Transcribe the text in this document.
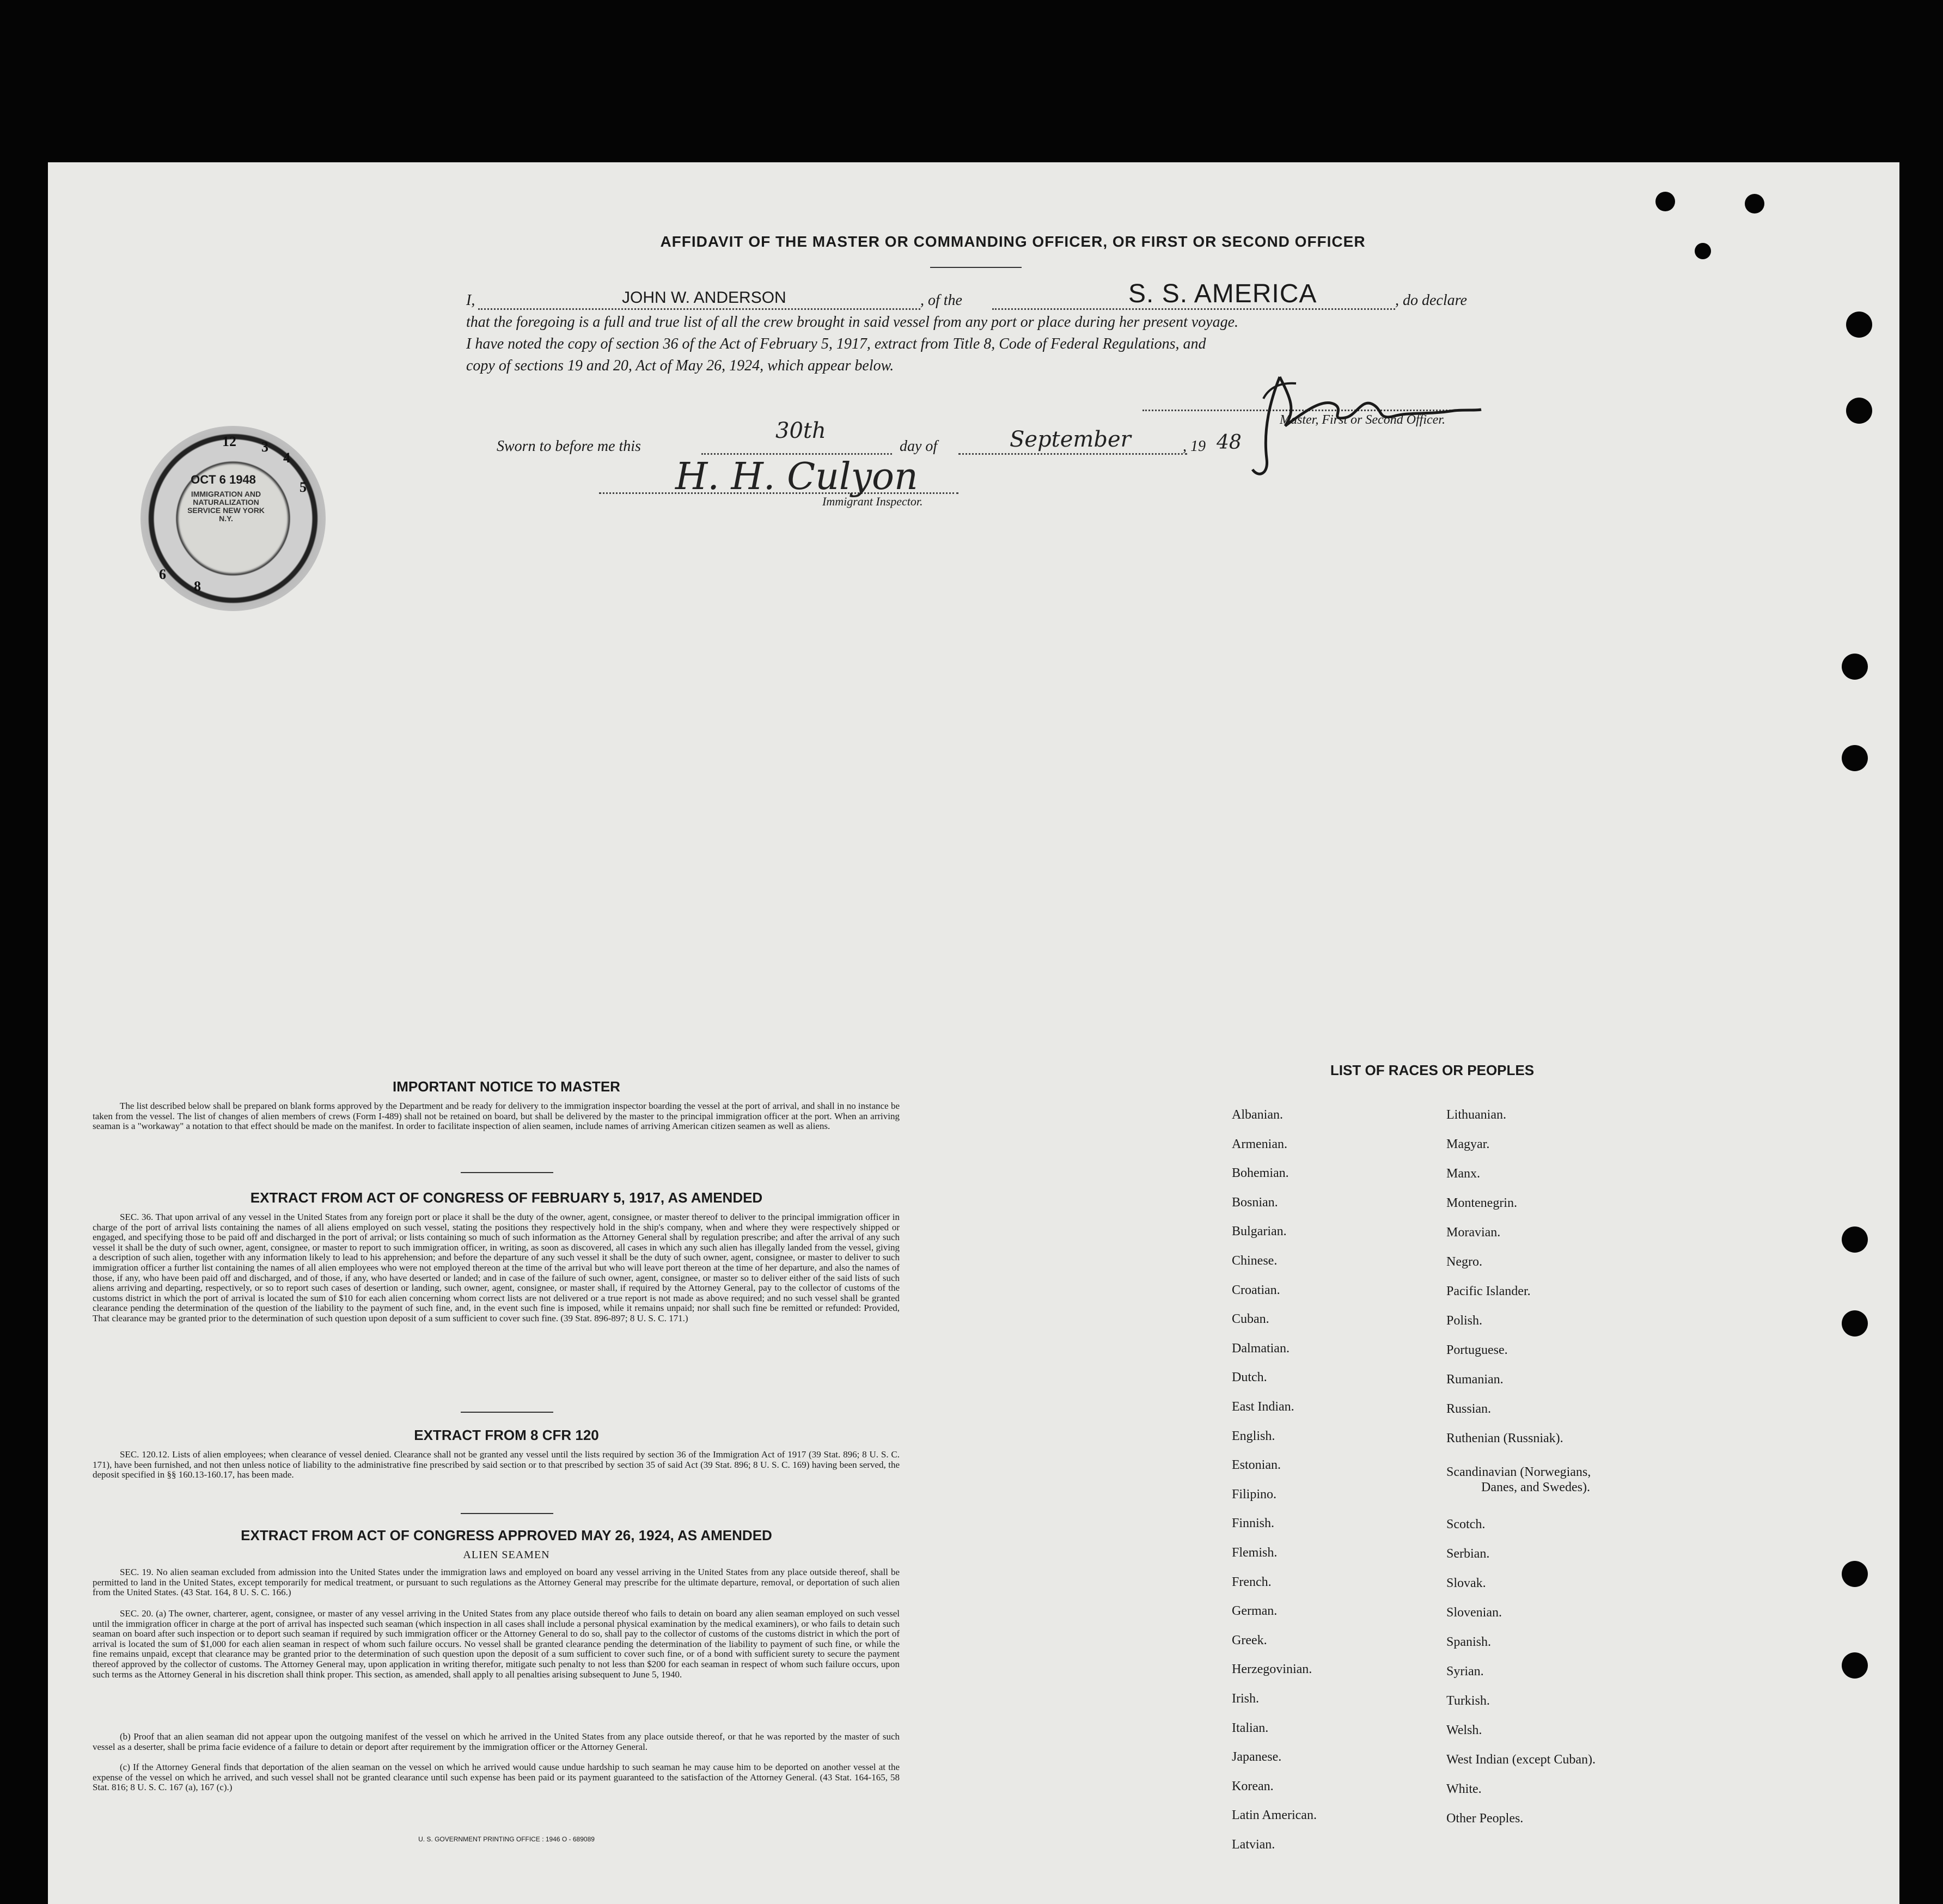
AFFIDAVIT OF THE MASTER OR COMMANDING OFFICER, OR FIRST OR SECOND OFFICER
I,	JOHN W. ANDERSON	, of the	S. S. AMERICA	, do declare
that the foregoing is a full and true list of all the crew brought in said vessel from any port or place during her present voyage.
I have noted the copy of section 36 of the Act of February 5, 1917, extract from Title 8, Code of Federal Regulations, and
copy of sections 19 and 20, Act of May 26, 1924, which appear below.
Master, First or Second Officer.
Sworn to before me this
30th
day of	September	, 19 48
H. H. Culyon
Immigrant Inspector.
12 3
4
5
8
6
OCT 6 1948
IMMIGRATION AND NATURALIZATION SERVICE NEW YORK N.Y.
IMPORTANT NOTICE TO MASTER

The list described below shall be prepared on blank forms approved by the Department and be ready for delivery to the immigration inspector boarding the vessel at the port of arrival, and shall in no instance be taken from the vessel. The list of changes of alien members of crews (Form I-489) shall not be retained on board, but shall be delivered by the master to the principal immigration officer at the port. When an arriving seaman is a "workaway" a notation to that effect should be made on the manifest. In order to facilitate inspection of alien seamen, include names of arriving American citizen seamen as well as aliens.

EXTRACT FROM ACT OF CONGRESS OF FEBRUARY 5, 1917, AS AMENDED

SEC. 36. That upon arrival of any vessel in the United States from any foreign port or place it shall be the duty of the owner, agent, consignee, or master thereof to deliver to the principal immigration officer in charge of the port of arrival lists containing the names of all aliens employed on such vessel, stating the positions they respectively hold in the ship's company, when and where they were respectively shipped or engaged, and specifying those to be paid off and discharged in the port of arrival; or lists containing so much of such information as the Attorney General shall by regulation prescribe; and after the arrival of any such vessel it shall be the duty of such owner, agent, consignee, or master to report to such immigration officer, in writing, as soon as discovered, all cases in which any such alien has illegally landed from the vessel, giving a description of such alien, together with any information likely to lead to his apprehension; and before the departure of any such vessel it shall be the duty of such owner, agent, consignee, or master to deliver to such immigration officer a further list containing the names of all alien employees who were not employed thereon at the time of the arrival but who will leave port thereon at the time of her departure, and also the names of those, if any, who have been paid off and discharged, and of those, if any, who have deserted or landed; and in case of the failure of such owner, agent, consignee, or master so to deliver either of the said lists of such aliens arriving and departing, respectively, or so to report such cases of desertion or landing, such owner, agent, consignee, or master shall, if required by the Attorney General, pay to the collector of customs of the customs district in which the port of arrival is located the sum of $10 for each alien concerning whom correct lists are not delivered or a true report is not made as above required; and no such vessel shall be granted clearance pending the determination of the question of the liability to the payment of such fine, and, in the event such fine is imposed, while it remains unpaid; nor shall such fine be remitted or refunded: Provided, That clearance may be granted prior to the determination of such question upon deposit of a sum sufficient to cover such fine. (39 Stat. 896-897; 8 U. S. C. 171.)

EXTRACT FROM 8 CFR 120

SEC. 120.12. Lists of alien employees; when clearance of vessel denied. Clearance shall not be granted any vessel until the lists required by section 36 of the Immigration Act of 1917 (39 Stat. 896; 8 U. S. C. 171), have been furnished, and not then unless notice of liability to the administrative fine prescribed by said section or to that prescribed by section 35 of said Act (39 Stat. 896; 8 U. S. C. 169) having been served, the deposit specified in §§ 160.13-160.17, has been made.

EXTRACT FROM ACT OF CONGRESS APPROVED MAY 26, 1924, AS AMENDED
ALIEN SEAMEN

SEC. 19. No alien seaman excluded from admission into the United States under the immigration laws and employed on board any vessel arriving in the United States from any place outside thereof, shall be permitted to land in the United States, except temporarily for medical treatment, or pursuant to such regulations as the Attorney General may prescribe for the ultimate departure, removal, or deportation of such alien from the United States. (43 Stat. 164, 8 U. S. C. 166.)

SEC. 20. (a) The owner, charterer, agent, consignee, or master of any vessel arriving in the United States from any place outside thereof who fails to detain on board any alien seaman employed on such vessel until the immigration officer in charge at the port of arrival has inspected such seaman (which inspection in all cases shall include a personal physical examination by the medical examiners), or who fails to detain such seaman on board after such inspection or to deport such seaman if required by such immigration officer or the Attorney General to do so, shall pay to the collector of customs of the customs district in which the port of arrival is located the sum of $1,000 for each alien seaman in respect of whom such failure occurs. No vessel shall be granted clearance pending the determination of the liability to payment of such fine, or while the fine remains unpaid, except that clearance may be granted prior to the determination of such question upon the deposit of a sum sufficient to cover such fine, or of a bond with sufficient surety to secure the payment thereof approved by the collector of customs. The Attorney General may, upon application in writing therefor, mitigate such penalty to not less than $200 for each seaman in respect of whom such failure occurs, upon such terms as the Attorney General in his discretion shall think proper. This section, as amended, shall apply to all penalties arising subsequent to June 5, 1940.

(b) Proof that an alien seaman did not appear upon the outgoing manifest of the vessel on which he arrived in the United States from any place outside thereof, or that he was reported by the master of such vessel as a deserter, shall be prima facie evidence of a failure to detain or deport after requirement by the immigration officer or the Attorney General.

(c) If the Attorney General finds that deportation of the alien seaman on the vessel on which he arrived would cause undue hardship to such seaman he may cause him to be deported on another vessel at the expense of the vessel on which he arrived, and such vessel shall not be granted clearance until such expense has been paid or its payment guaranteed to the satisfaction of the Attorney General. (43 Stat. 164-165, 58 Stat. 816; 8 U. S. C. 167 (a), 167 (c).)

U. S. GOVERNMENT PRINTING OFFICE : 1946 O - 689089
LIST OF RACES OR PEOPLES
Albanian.
Armenian.
Bohemian.
Bosnian.
Bulgarian.
Chinese.
Croatian.
Cuban.
Dalmatian.
Dutch.
East Indian.
English.
Estonian.
Filipino.
Finnish.
Flemish.
French.
German.
Greek.
Herzegovinian.
Irish.
Italian.
Japanese.
Korean.
Latin American.
Latvian.
Lithuanian.
Magyar.
Manx.
Montenegrin.
Moravian.
Negro.
Pacific Islander.
Polish.
Portuguese.
Rumanian.
Russian.
Ruthenian (Russniak).
Scandinavian (Norwegians,
Danes, and Swedes).
Scotch.
Serbian.
Slovak.
Slovenian.
Spanish.
Syrian.
Turkish.
Welsh.
West Indian (except Cuban).
White.
Other Peoples.
